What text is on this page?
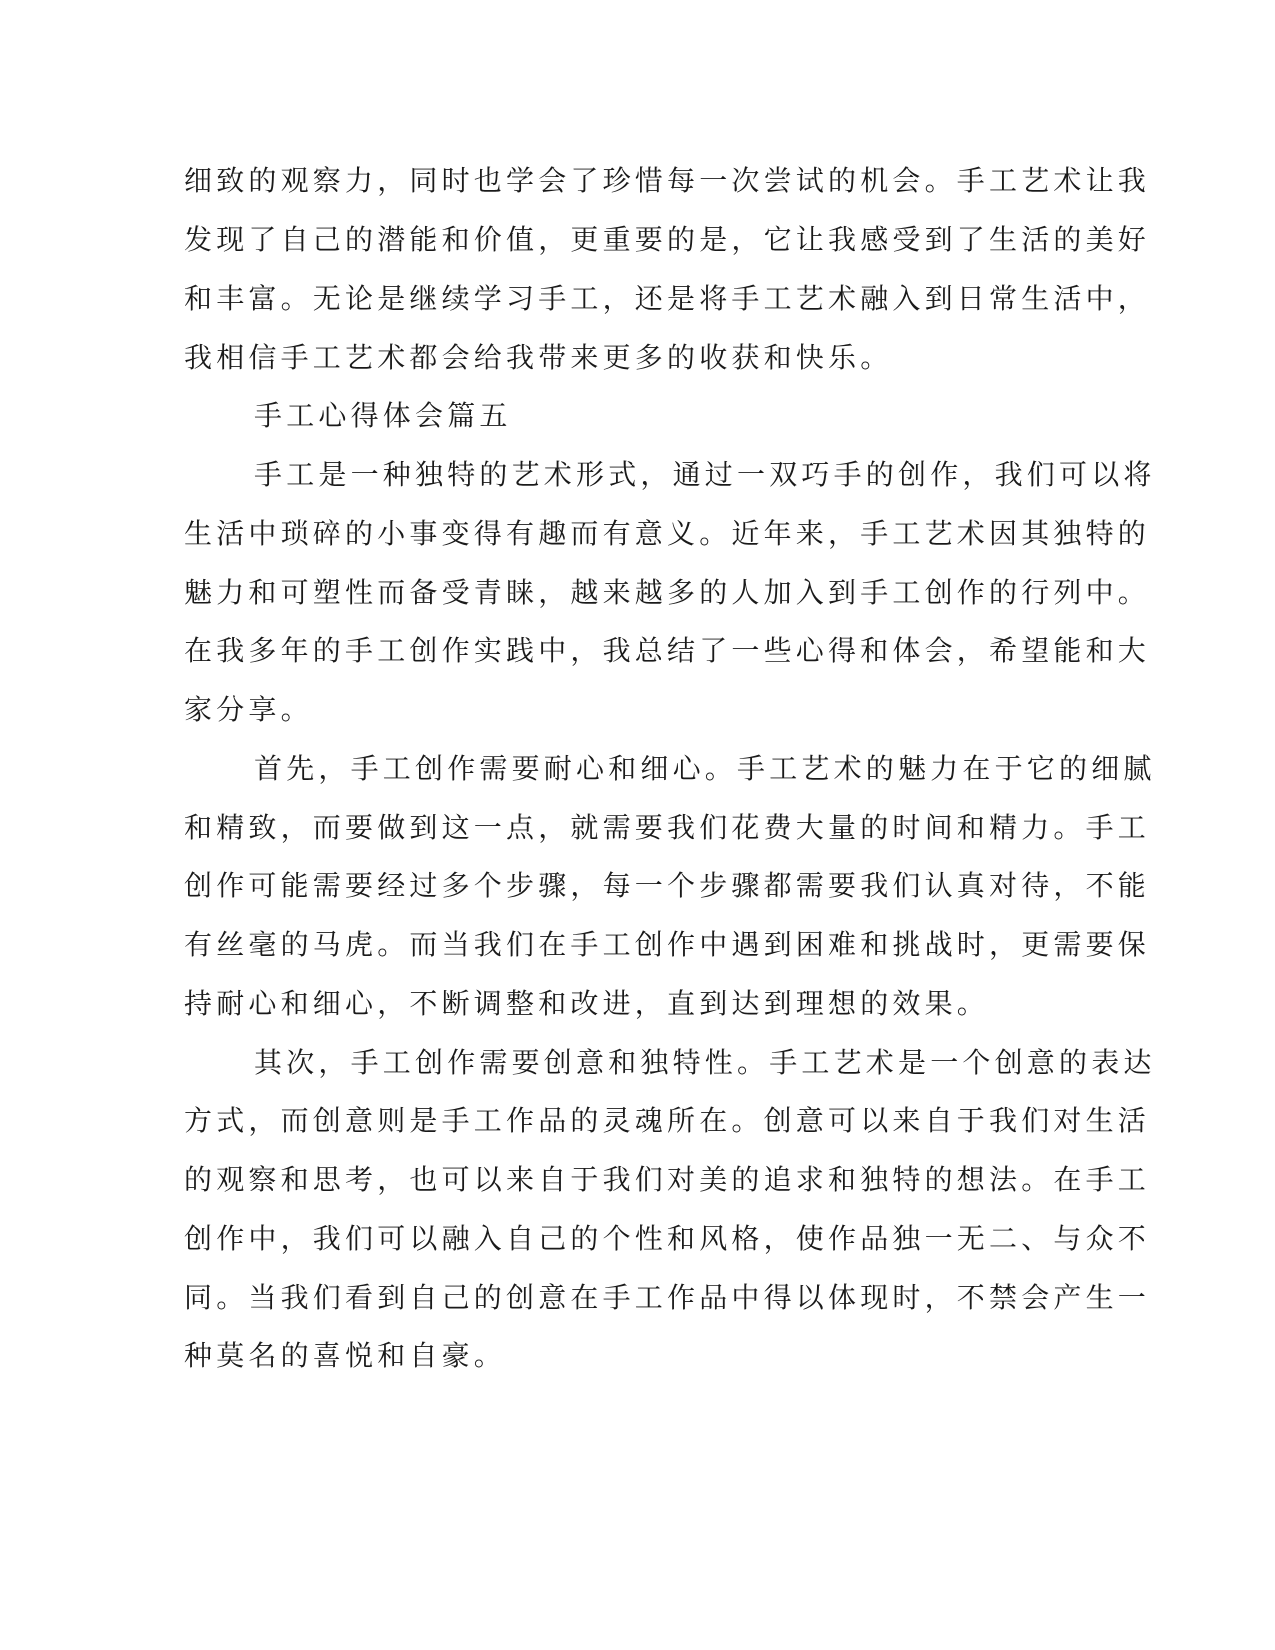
细致的观察力，同时也学会了珍惜每一次尝试的机会。手工艺术让我
发现了自己的潜能和价值，更重要的是，它让我感受到了生活的美好
和丰富。无论是继续学习手工，还是将手工艺术融入到日常生活中，
我相信手工艺术都会给我带来更多的收获和快乐。
手工心得体会篇五
手工是一种独特的艺术形式，通过一双巧手的创作，我们可以将
生活中琐碎的小事变得有趣而有意义。近年来，手工艺术因其独特的
魅力和可塑性而备受青睐，越来越多的人加入到手工创作的行列中。
在我多年的手工创作实践中，我总结了一些心得和体会，希望能和大
家分享。
首先，手工创作需要耐心和细心。手工艺术的魅力在于它的细腻
和精致，而要做到这一点，就需要我们花费大量的时间和精力。手工
创作可能需要经过多个步骤，每一个步骤都需要我们认真对待，不能
有丝毫的马虎。而当我们在手工创作中遇到困难和挑战时，更需要保
持耐心和细心，不断调整和改进，直到达到理想的效果。
其次，手工创作需要创意和独特性。手工艺术是一个创意的表达
方式，而创意则是手工作品的灵魂所在。创意可以来自于我们对生活
的观察和思考，也可以来自于我们对美的追求和独特的想法。在手工
创作中，我们可以融入自己的个性和风格，使作品独一无二、与众不
同。当我们看到自己的创意在手工作品中得以体现时，不禁会产生一
种莫名的喜悦和自豪。
